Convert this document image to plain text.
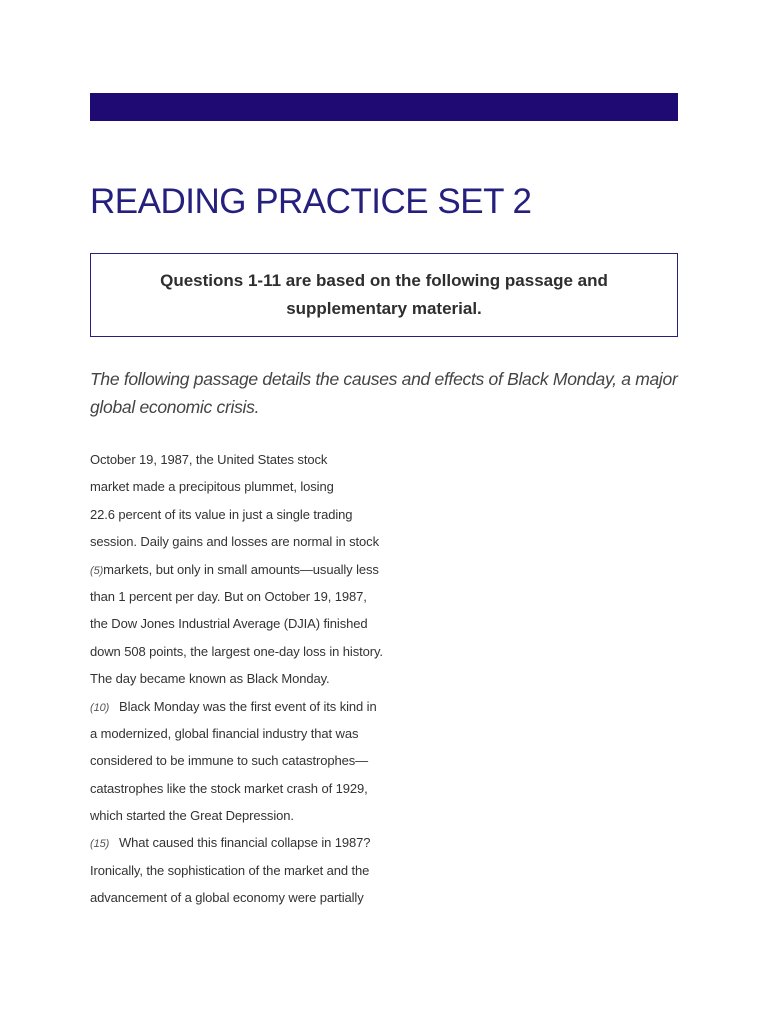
READING PRACTICE SET 2
Questions 1-11 are based on the following passage and supplementary material.

The following passage details the causes and effects of Black Monday, a major global economic crisis.

October 19, 1987, the United States stock
market made a precipitous plummet, losing
22.6 percent of its value in just a single trading
session. Daily gains and losses are normal in stock
(5)markets, but only in small amounts—usually less
than 1 percent per day. But on October 19, 1987,
the Dow Jones Industrial Average (DJIA) finished
down 508 points, the largest one-day loss in history.
The day became known as Black Monday.
(10) Black Monday was the first event of its kind in
a modernized, global financial industry that was
considered to be immune to such catastrophes—
catastrophes like the stock market crash of 1929,
which started the Great Depression.
(15) What caused this financial collapse in 1987?
Ironically, the sophistication of the market and the
advancement of a global economy were partially
